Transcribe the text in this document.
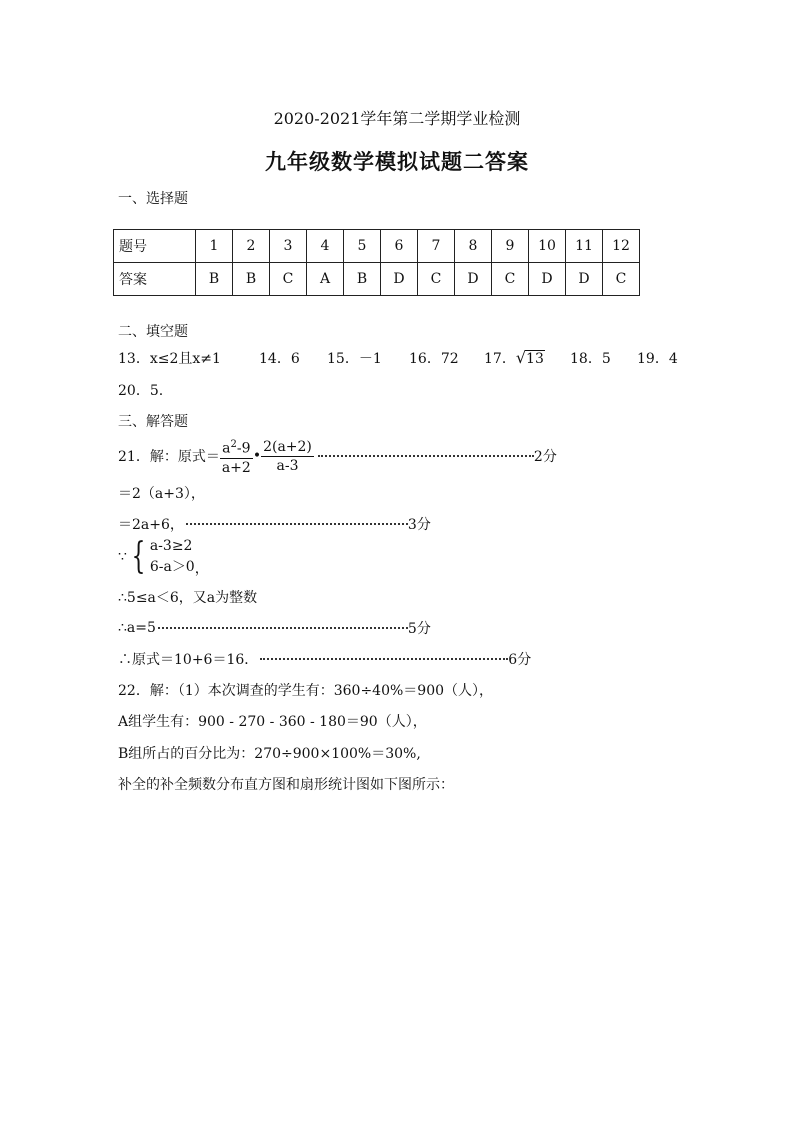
2020-2021学年第二学期学业检测
九年级数学模拟试题二答案
一、选择题
题号	1	2	3	4	5	6	7	8	9	10	11	12
答案	B	B	C	A	B	D	C	D	C	D	D	C
二、填空题
13．x≤2且x≠1	14．6 15．－1 16．72 17．√13 18．5 19．4
20．5.
三、解答题
21．解：原式＝ $\frac{a^2-9}{a+2}$ • $\frac{2(a+2)}{a-3}$	2分
＝2（a+3），
＝2a+6，	3分
∵ { a-3≥2
6-a＞0 ，
∴5≤a＜6，又a为整数
∴a=5	5分
∴原式＝10+6＝16．	6分
22．解：（1）本次调查的学生有：360÷40%＝900（人），
A组学生有：900 - 270 - 360 - 180＝90（人），
B组所占的百分比为：270÷900×100%＝30%,
补全的补全频数分布直方图和扇形统计图如下图所示：
